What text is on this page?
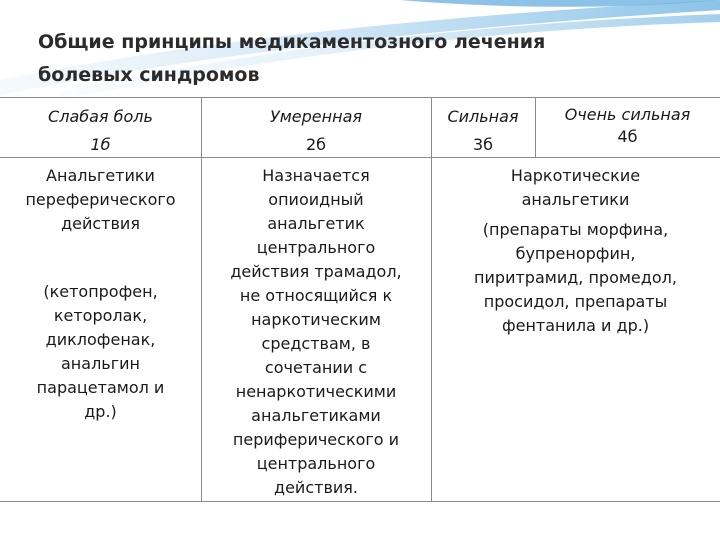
Общие принципы медикаментозного лечения
болевых синдромов
Слабая боль
1б
Умеренная
2б
Сильная
3б
Очень сильная
4б
Анальгетики
переферического
действия
(кетопрофен,
кеторолак,
диклофенак,
анальгин
парацетамол и
др.)
Назначается
опиоидный
анальгетик
центрального
действия трамадол,
не относящийся к
наркотическим
средствам, в
сочетании с
ненаркотическими
анальгетиками
периферического и
центрального
действия.
Наркотические
анальгетики
(препараты морфина,
бупренорфин,
пиритрамид, промедол,
просидол, препараты
фентанила и др.)
